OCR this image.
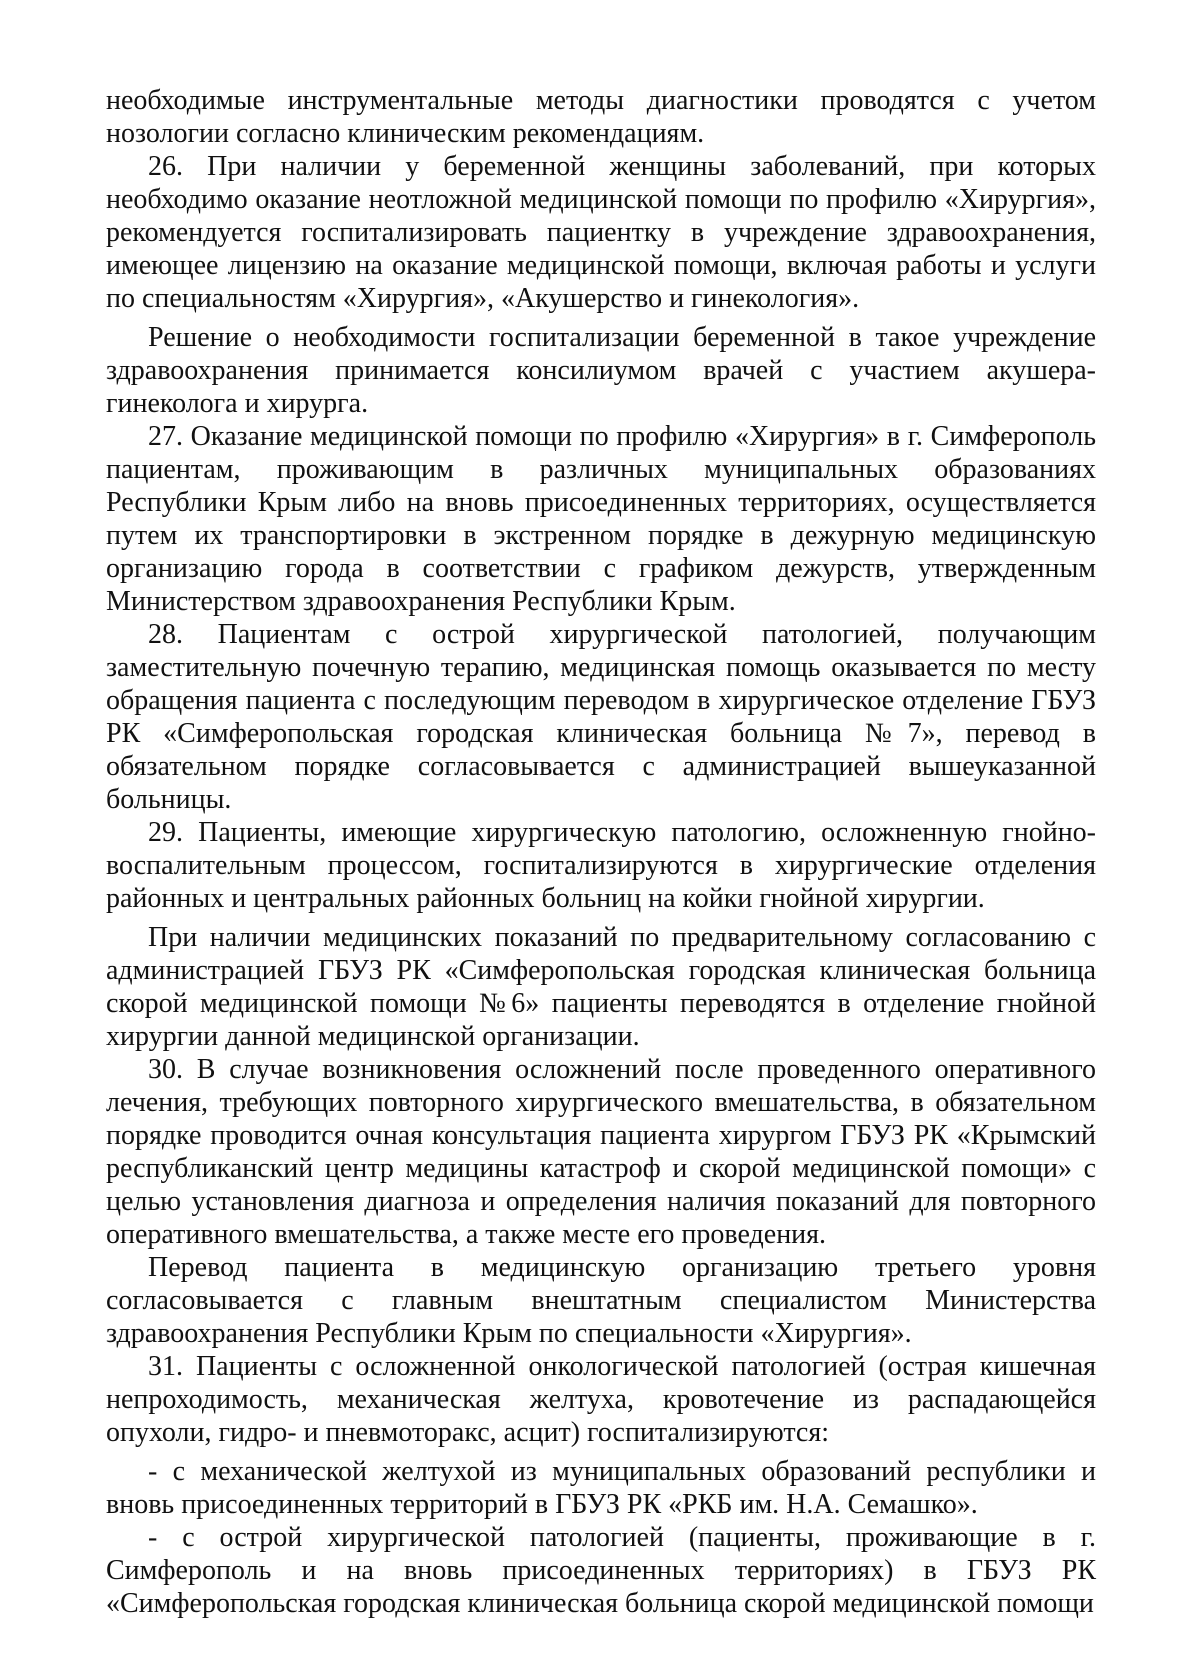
необходимые инструментальные методы диагностики проводятся с учетом нозологии согласно клиническим рекомендациям.

26. При наличии у беременной женщины заболеваний, при которых необходимо оказание неотложной медицинской помощи по профилю «Хирургия», рекомендуется госпитализировать пациентку в учреждение здравоохранения, имеющее лицензию на оказание медицинской помощи, включая работы и услуги по специальностям «Хирургия», «Акушерство и гинекология».

Решение о необходимости госпитализации беременной в такое учреждение здравоохранения принимается консилиумом врачей с участием акушера-гинеколога и хирурга.

27. Оказание медицинской помощи по профилю «Хирургия» в г. Симферополь пациентам, проживающим в различных муниципальных образованиях Республики Крым либо на вновь присоединенных территориях, осуществляется путем их транспортировки в экстренном порядке в дежурную медицинскую организацию города в соответствии с графиком дежурств, утвержденным Министерством здравоохранения Республики Крым.

28. Пациентам с острой хирургической патологией, получающим заместительную почечную терапию, медицинская помощь оказывается по месту обращения пациента с последующим переводом в хирургическое отделение ГБУЗ РК «Симферопольская городская клиническая больница №7», перевод в обязательном порядке согласовывается с администрацией вышеуказанной больницы.

29. Пациенты, имеющие хирургическую патологию, осложненную гнойно-воспалительным процессом, госпитализируются в хирургические отделения районных и центральных районных больниц на койки гнойной хирургии.

При наличии медицинских показаний по предварительному согласованию с администрацией ГБУЗ РК «Симферопольская городская клиническая больница скорой медицинской помощи №6» пациенты переводятся в отделение гнойной хирургии данной медицинской организации.

30. В случае возникновения осложнений после проведенного оперативного лечения, требующих повторного хирургического вмешательства, в обязательном порядке проводится очная консультация пациента хирургом ГБУЗ РК «Крымский республиканский центр медицины катастроф и скорой медицинской помощи» с целью установления диагноза и определения наличия показаний для повторного оперативного вмешательства, а также месте его проведения.

Перевод пациента в медицинскую организацию третьего уровня согласовывается с главным внештатным специалистом Министерства здравоохранения Республики Крым по специальности «Хирургия».

31. Пациенты с осложненной онкологической патологией (острая кишечная непроходимость, механическая желтуха, кровотечение из распадающейся опухоли, гидро- и пневмоторакс, асцит) госпитализируются:

- с механической желтухой из муниципальных образований республики и вновь присоединенных территорий в ГБУЗ РК «РКБ им. Н.А. Семашко».

- с острой хирургической патологией (пациенты, проживающие в г. Симферополь и на вновь присоединенных территориях) в ГБУЗ РК «Симферопольская городская клиническая больница скорой медицинской помощи
